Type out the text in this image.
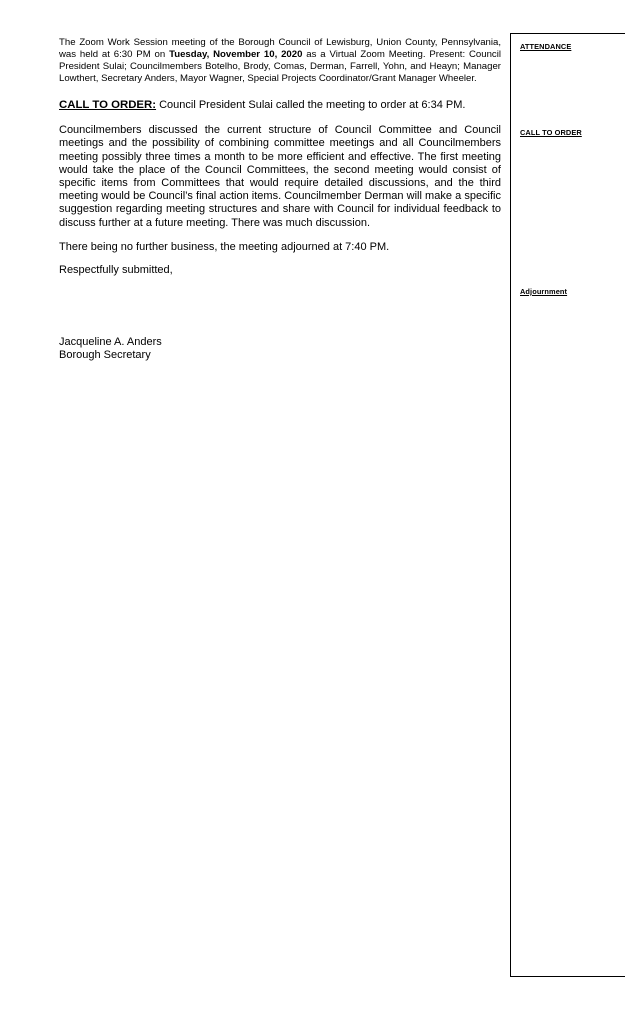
The Zoom Work Session meeting of the Borough Council of Lewisburg, Union County, Pennsylvania, was held at 6:30 PM on Tuesday, November 10, 2020 as a Virtual Zoom Meeting. Present: Council President Sulai; Councilmembers Botelho, Brody, Comas, Derman, Farrell, Yohn, and Heayn; Manager Lowthert, Secretary Anders, Mayor Wagner, Special Projects Coordinator/Grant Manager Wheeler.

CALL TO ORDER: Council President Sulai called the meeting to order at 6:34 PM.

Councilmembers discussed the current structure of Council Committee and Council meetings and the possibility of combining committee meetings and all Councilmembers meeting possibly three times a month to be more efficient and effective. The first meeting would take the place of the Council Committees, the second meeting would consist of specific items from Committees that would require detailed discussions, and the third meeting would be Council’s final action items. Councilmember Derman will make a specific suggestion regarding meeting structures and share with Council for individual feedback to discuss further at a future meeting. There was much discussion.

There being no further business, the meeting adjourned at 7:40 PM.

Respectfully submitted,

Jacqueline A. Anders
Borough Secretary
ATTENDANCE
CALL TO ORDER
Adjournment
